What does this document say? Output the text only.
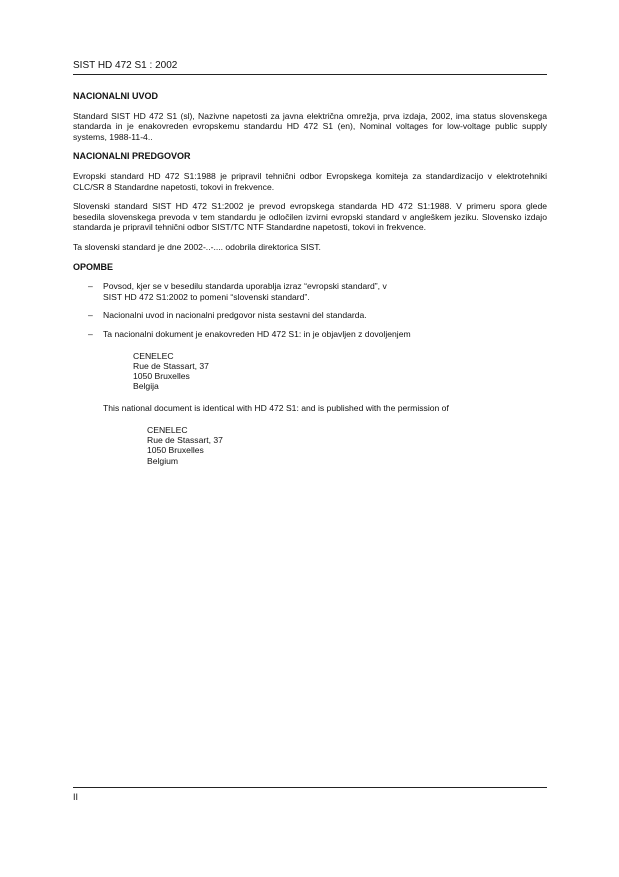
SIST HD 472 S1 : 2002
NACIONALNI UVOD

Standard SIST HD 472 S1 (sl), Nazivne napetosti za javna električna omrežja, prva izdaja, 2002, ima status slovenskega standarda in je enakovreden evropskemu standardu HD 472 S1 (en), Nominal voltages for low-voltage public supply systems, 1988-11-4..

NACIONALNI PREDGOVOR

Evropski standard HD 472 S1:1988 je pripravil tehnični odbor Evropskega komiteja za standardizacijo v elektrotehniki CLC/SR 8 Standardne napetosti, tokovi in frekvence.

Slovenski standard SIST HD 472 S1:2002 je prevod evropskega standarda HD 472 S1:1988. V primeru spora glede besedila slovenskega prevoda v tem standardu je odločilen izvirni evropski standard v angleškem jeziku. Slovensko izdajo standarda je pripravil tehnični odbor SIST/TC NTF Standardne napetosti, tokovi in frekvence.

Ta slovenski standard je dne 2002-..-.... odobrila direktorica SIST.

OPOMBE
– Povsod, kjer se v besedilu standarda uporablja izraz “evropski standard”, v
SIST HD 472 S1:2002 to pomeni “slovenski standard”.
– Nacionalni uvod in nacionalni predgovor nista sestavni del standarda.
– Ta nacionalni dokument je enakovreden HD 472 S1: in je objavljen z dovoljenjem
CENELEC
Rue de Stassart, 37
1050 Bruxelles
Belgija
This national document is identical with HD 472 S1: and is published with the permission of
CENELEC
Rue de Stassart, 37
1050 Bruxelles
Belgium
II
